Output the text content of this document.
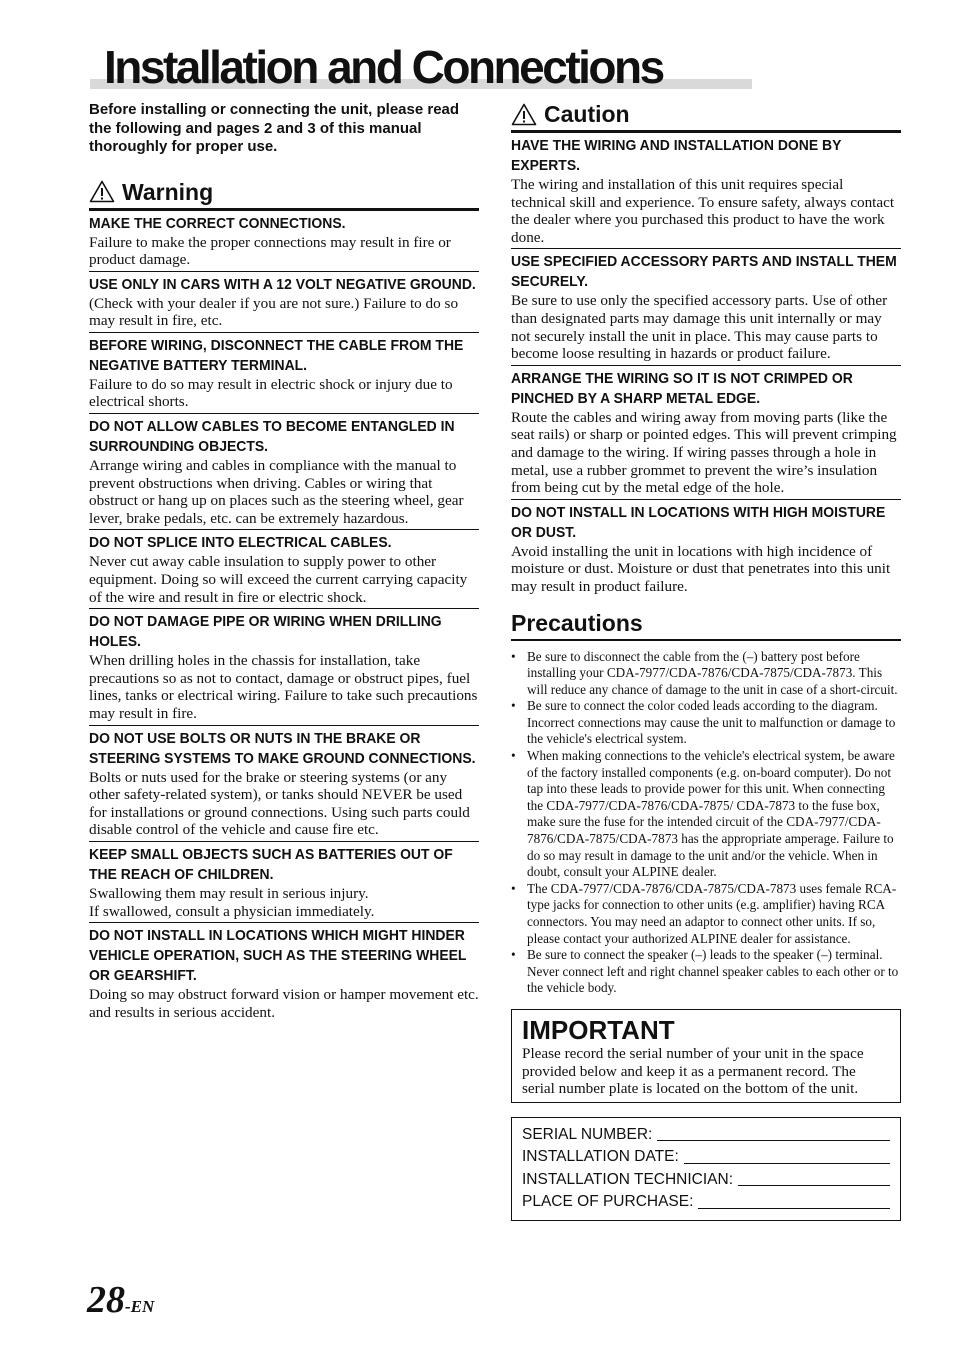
Installation and Connections

Before installing or connecting the unit, please read the following and pages 2 and 3 of this manual thoroughly for proper use.

Warning
MAKE THE CORRECT CONNECTIONS.
Failure to make the proper connections may result in fire or product damage.
USE ONLY IN CARS WITH A 12 VOLT NEGATIVE GROUND.
(Check with your dealer if you are not sure.) Failure to do so may result in fire, etc.
BEFORE WIRING, DISCONNECT THE CABLE FROM THE NEGATIVE BATTERY TERMINAL.
Failure to do so may result in electric shock or injury due to electrical shorts.
DO NOT ALLOW CABLES TO BECOME ENTANGLED IN SURROUNDING OBJECTS.
Arrange wiring and cables in compliance with the manual to prevent obstructions when driving. Cables or wiring that obstruct or hang up on places such as the steering wheel, gear lever, brake pedals, etc. can be extremely hazardous.
DO NOT SPLICE INTO ELECTRICAL CABLES.
Never cut away cable insulation to supply power to other equipment. Doing so will exceed the current carrying capacity of the wire and result in fire or electric shock.
DO NOT DAMAGE PIPE OR WIRING WHEN DRILLING HOLES.
When drilling holes in the chassis for installation, take precautions so as not to contact, damage or obstruct pipes, fuel lines, tanks or electrical wiring. Failure to take such precautions may result in fire.
DO NOT USE BOLTS OR NUTS IN THE BRAKE OR STEERING SYSTEMS TO MAKE GROUND CONNECTIONS.
Bolts or nuts used for the brake or steering systems (or any other safety-related system), or tanks should NEVER be used for installations or ground connections. Using such parts could disable control of the vehicle and cause fire etc.
KEEP SMALL OBJECTS SUCH AS BATTERIES OUT OF THE REACH OF CHILDREN.
Swallowing them may result in serious injury.
If swallowed, consult a physician immediately.
DO NOT INSTALL IN LOCATIONS WHICH MIGHT HINDER VEHICLE OPERATION, SUCH AS THE STEERING WHEEL OR GEARSHIFT.
Doing so may obstruct forward vision or hamper movement etc. and results in serious accident.
Caution
HAVE THE WIRING AND INSTALLATION DONE BY EXPERTS.
The wiring and installation of this unit requires special technical skill and experience. To ensure safety, always contact the dealer where you purchased this product to have the work done.
USE SPECIFIED ACCESSORY PARTS AND INSTALL THEM SECURELY.
Be sure to use only the specified accessory parts. Use of other than designated parts may damage this unit internally or may not securely install the unit in place. This may cause parts to become loose resulting in hazards or product failure.
ARRANGE THE WIRING SO IT IS NOT CRIMPED OR PINCHED BY A SHARP METAL EDGE.
Route the cables and wiring away from moving parts (like the seat rails) or sharp or pointed edges. This will prevent crimping and damage to the wiring. If wiring passes through a hole in metal, use a rubber grommet to prevent the wire’s insulation from being cut by the metal edge of the hole.
DO NOT INSTALL IN LOCATIONS WITH HIGH MOISTURE OR DUST.
Avoid installing the unit in locations with high incidence of moisture or dust. Moisture or dust that penetrates into this unit may result in product failure.
Precautions
• Be sure to disconnect the cable from the (–) battery post before installing your CDA-7977/CDA-7876/CDA-7875/CDA-7873. This will reduce any chance of damage to the unit in case of a short-circuit.
• Be sure to connect the color coded leads according to the diagram. Incorrect connections may cause the unit to malfunction or damage to the vehicle's electrical system.
• When making connections to the vehicle's electrical system, be aware of the factory installed components (e.g. on-board computer). Do not tap into these leads to provide power for this unit. When connecting the CDA-7977/CDA-7876/CDA-7875/ CDA-7873 to the fuse box, make sure the fuse for the intended circuit of the CDA-7977/CDA-7876/CDA-7875/CDA-7873 has the appropriate amperage. Failure to do so may result in damage to the unit and/or the vehicle. When in doubt, consult your ALPINE dealer.
• The CDA-7977/CDA-7876/CDA-7875/CDA-7873 uses female RCA-type jacks for connection to other units (e.g. amplifier) having RCA connectors. You may need an adaptor to connect other units. If so, please contact your authorized ALPINE dealer for assistance.
• Be sure to connect the speaker (–) leads to the speaker (–) terminal. Never connect left and right channel speaker cables to each other or to the vehicle body.
IMPORTANT
Please record the serial number of your unit in the space provided below and keep it as a permanent record. The serial number plate is located on the bottom of the unit.
SERIAL NUMBER:
INSTALLATION DATE:
INSTALLATION TECHNICIAN:
PLACE OF PURCHASE:
28-EN
